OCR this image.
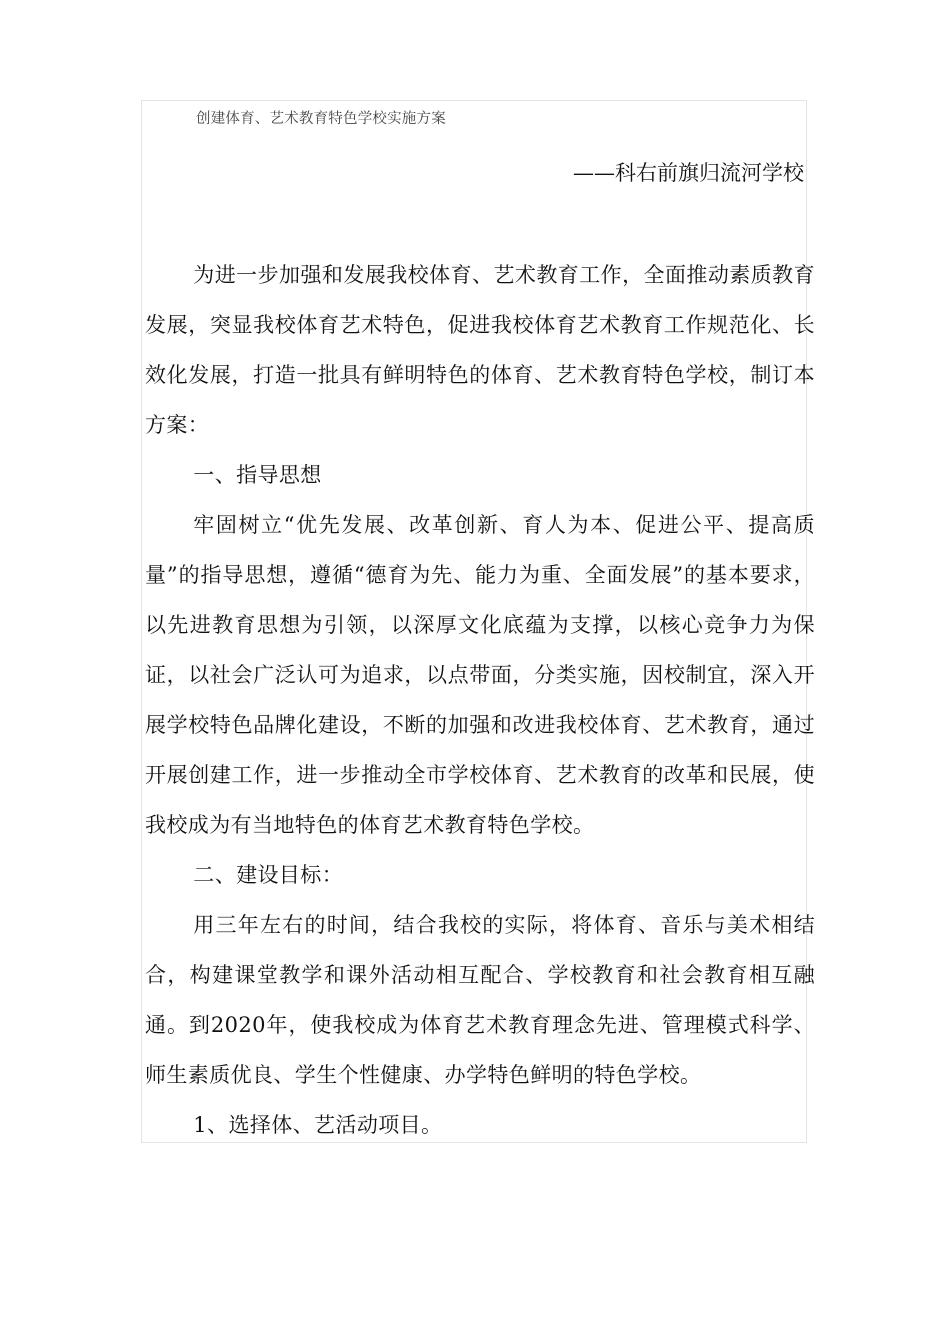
创建体育、艺术教育特色学校实施方案
——科右前旗归流河学校

为进一步加强和发展我校体育、艺术教育工作，全面推动素质教育发展，突显我校体育艺术特色，促进我校体育艺术教育工作规范化、长效化发展，打造一批具有鲜明特色的体育、艺术教育特色学校，制订本方案：

一、指导思想

牢固树立“优先发展、改革创新、育人为本、促进公平、提高质量”的指导思想，遵循“德育为先、能力为重、全面发展”的基本要求，以先进教育思想为引领，以深厚文化底蕴为支撑，以核心竞争力为保证，以社会广泛认可为追求，以点带面，分类实施，因校制宜，深入开展学校特色品牌化建设，不断的加强和改进我校体育、艺术教育，通过开展创建工作，进一步推动全市学校体育、艺术教育的改革和民展，使我校成为有当地特色的体育艺术教育特色学校。

二、建设目标：

用三年左右的时间，结合我校的实际，将体育、音乐与美术相结合，构建课堂教学和课外活动相互配合、学校教育和社会教育相互融通。到2020年，使我校成为体育艺术教育理念先进、管理模式科学、师生素质优良、学生个性健康、办学特色鲜明的特色学校。

1、选择体、艺活动项目。
